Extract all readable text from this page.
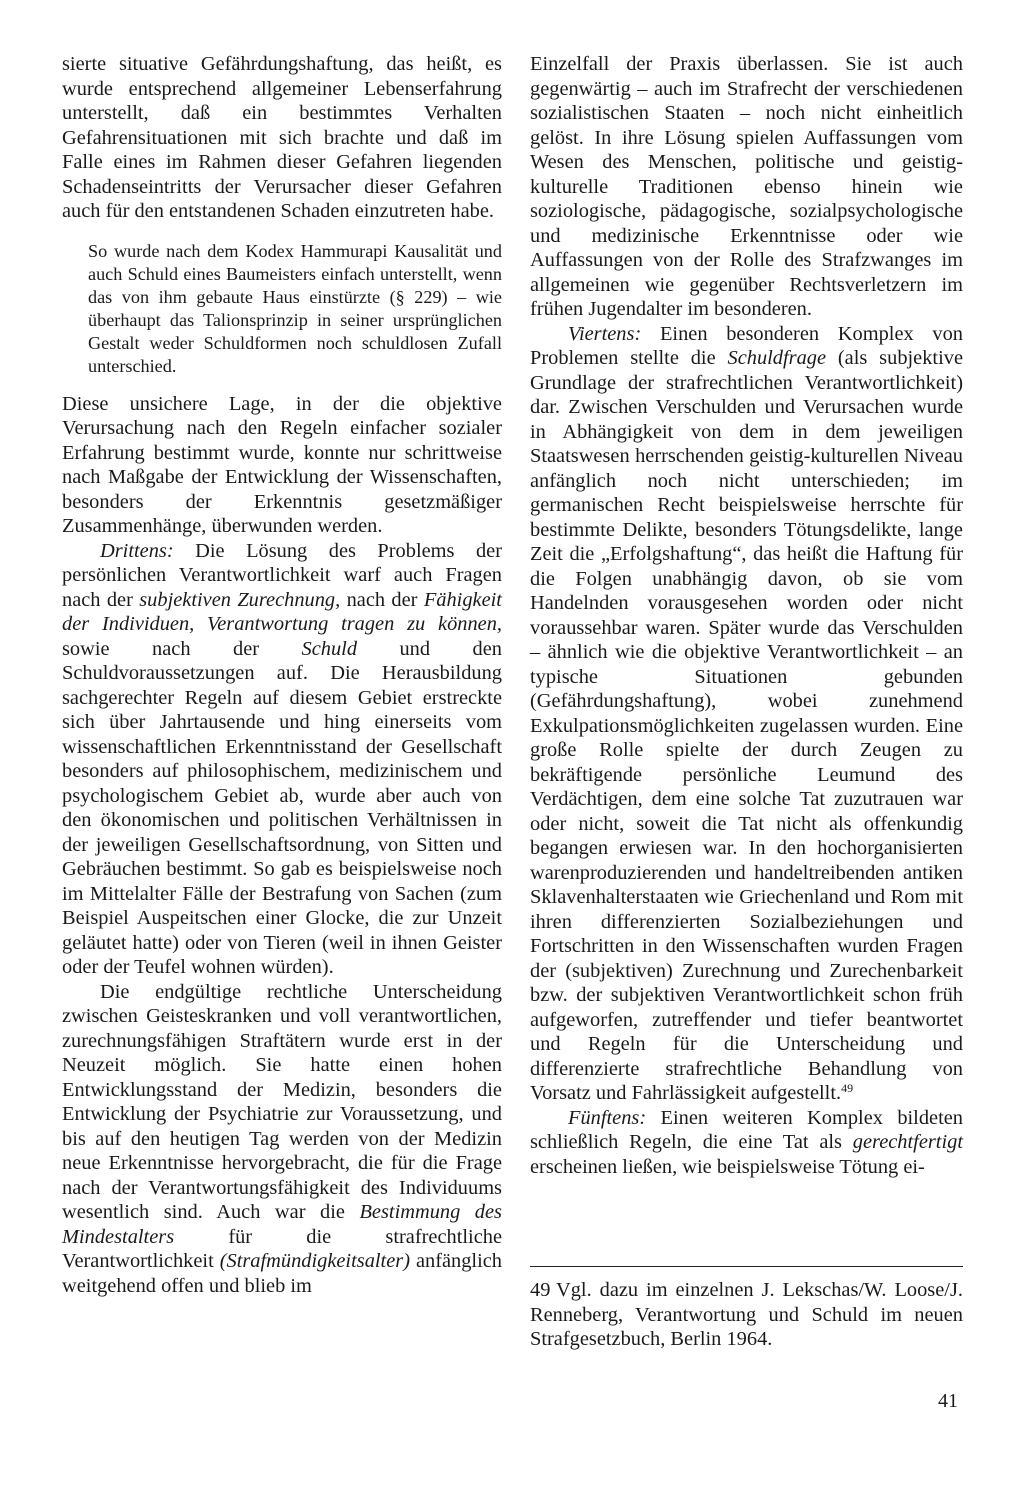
sierte situative Gefährdungshaftung, das heißt, es wurde entsprechend allgemeiner Lebenserfahrung unterstellt, daß ein bestimmtes Verhalten Gefahrensituationen mit sich brachte und daß im Falle eines im Rahmen dieser Gefahren liegenden Schadenseintritts der Verursacher dieser Gefahren auch für den entstandenen Schaden einzutreten habe.

So wurde nach dem Kodex Hammurapi Kausalität und auch Schuld eines Baumeisters einfach unterstellt, wenn das von ihm gebaute Haus einstürzte (§ 229) – wie überhaupt das Talionsprinzip in seiner ursprünglichen Gestalt weder Schuldformen noch schuldlosen Zufall unterschied.

Diese unsichere Lage, in der die objektive Verursachung nach den Regeln einfacher sozialer Erfahrung bestimmt wurde, konnte nur schrittweise nach Maßgabe der Entwicklung der Wissenschaften, besonders der Erkenntnis gesetzmäßiger Zusammenhänge, überwunden werden.

Drittens: Die Lösung des Problems der persönlichen Verantwortlichkeit warf auch Fragen nach der subjektiven Zurechnung, nach der Fähigkeit der Individuen, Verantwortung tragen zu können, sowie nach der Schuld und den Schuldvoraussetzungen auf. Die Herausbildung sachgerechter Regeln auf diesem Gebiet erstreckte sich über Jahrtausende und hing einerseits vom wissenschaftlichen Erkenntnisstand der Gesellschaft besonders auf philosophischem, medizinischem und psychologischem Gebiet ab, wurde aber auch von den ökonomischen und politischen Verhältnissen in der jeweiligen Gesellschaftsordnung, von Sitten und Gebräuchen bestimmt. So gab es beispielsweise noch im Mittelalter Fälle der Bestrafung von Sachen (zum Beispiel Auspeitschen einer Glocke, die zur Unzeit geläutet hatte) oder von Tieren (weil in ihnen Geister oder der Teufel wohnen würden).

Die endgültige rechtliche Unterscheidung zwischen Geisteskranken und voll verantwortlichen, zurechnungsfähigen Straftätern wurde erst in der Neuzeit möglich. Sie hatte einen hohen Entwicklungsstand der Medizin, besonders die Entwicklung der Psychiatrie zur Voraussetzung, und bis auf den heutigen Tag werden von der Medizin neue Erkenntnisse hervorgebracht, die für die Frage nach der Verantwortungsfähigkeit des Individuums wesentlich sind. Auch war die Bestimmung des Mindestalters für die strafrechtliche Verantwortlichkeit (Strafmündigkeitsalter) anfänglich weitgehend offen und blieb im

Einzelfall der Praxis überlassen. Sie ist auch gegenwärtig – auch im Strafrecht der verschiedenen sozialistischen Staaten – noch nicht einheitlich gelöst. In ihre Lösung spielen Auffassungen vom Wesen des Menschen, politische und geistig-kulturelle Traditionen ebenso hinein wie soziologische, pädagogische, sozialpsychologische und medizinische Erkenntnisse oder wie Auffassungen von der Rolle des Strafzwanges im allgemeinen wie gegenüber Rechtsverletzern im frühen Jugendalter im besonderen.

Viertens: Einen besonderen Komplex von Problemen stellte die Schuldfrage (als subjektive Grundlage der strafrechtlichen Verantwortlichkeit) dar. Zwischen Verschulden und Verursachen wurde in Abhängigkeit von dem in dem jeweiligen Staatswesen herrschenden geistig-kulturellen Niveau anfänglich noch nicht unterschieden; im germanischen Recht beispielsweise herrschte für bestimmte Delikte, besonders Tötungsdelikte, lange Zeit die „Erfolgshaftung“, das heißt die Haftung für die Folgen unabhängig davon, ob sie vom Handelnden vorausgesehen worden oder nicht voraussehbar waren. Später wurde das Verschulden – ähnlich wie die objektive Verantwortlichkeit – an typische Situationen gebunden (Gefährdungshaftung), wobei zunehmend Exkulpationsmöglichkeiten zugelassen wurden. Eine große Rolle spielte der durch Zeugen zu bekräftigende persönliche Leumund des Verdächtigen, dem eine solche Tat zuzutrauen war oder nicht, soweit die Tat nicht als offenkundig begangen erwiesen war. In den hochorganisierten warenproduzierenden und handeltreibenden antiken Sklavenhalterstaaten wie Griechenland und Rom mit ihren differenzierten Sozialbeziehungen und Fortschritten in den Wissenschaften wurden Fragen der (subjektiven) Zurechnung und Zurechenbarkeit bzw. der subjektiven Verantwortlichkeit schon früh aufgeworfen, zutreffender und tiefer beantwortet und Regeln für die Unterscheidung und differenzierte strafrechtliche Behandlung von Vorsatz und Fahrlässigkeit aufgestellt.$^{49}$

Fünftens: Einen weiteren Komplex bildeten schließlich Regeln, die eine Tat als gerechtfertigt erscheinen ließen, wie beispielsweise Tötung ei-

49 Vgl. dazu im einzelnen J. Lekschas/W. Loose/J. Renneberg, Verantwortung und Schuld im neuen Strafgesetzbuch, Berlin 1964.

41
